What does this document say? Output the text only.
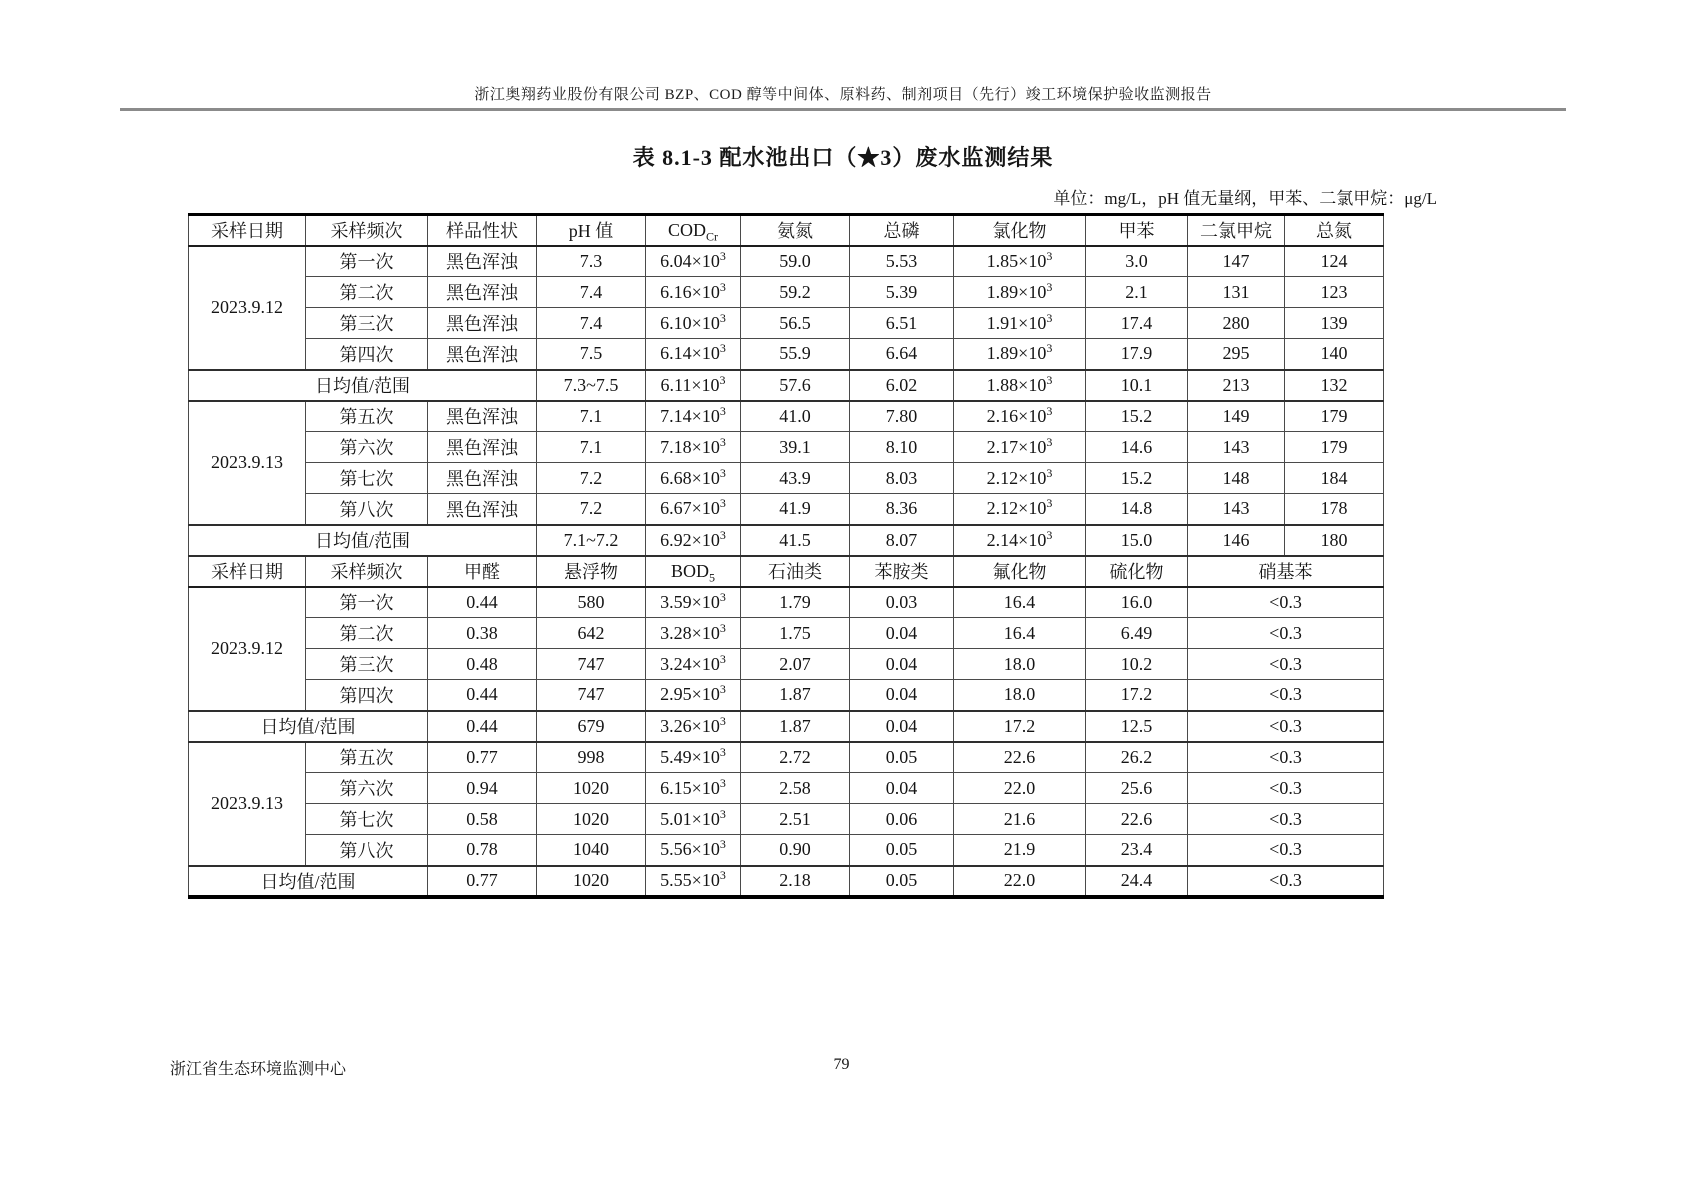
浙江奥翔药业股份有限公司 BZP、COD 醇等中间体、原料药、制剂项目（先行）竣工环境保护验收监测报告
表 8.1-3 配水池出口（★3）废水监测结果
单位：mg/L，pH 值无量纲，甲苯、二氯甲烷：μg/L
采样日期	采样频次	样品性状	pH 值	$COD_{Cr}$	氨氮	总磷	氯化物	甲苯	二氯甲烷	总氮
2023.9.12	第一次	黑色浑浊	7.3	$6.04\times 10^3$	59.0	5.53	$1.85\times 10^3$	3.0	147	124
	第二次	黑色浑浊	7.4	$6.16\times 10^3$	59.2	5.39	$1.89\times 10^3$	2.1	131	123
	第三次	黑色浑浊	7.4	$6.10\times 10^3$	56.5	6.51	$1.91\times 10^3$	17.4	280	139
	第四次	黑色浑浊	7.5	$6.14\times 10^3$	55.9	6.64	$1.89\times 10^3$	17.9	295	140
日均值/范围			7.3~7.5	$6.11\times 10^3$	57.6	6.02	$1.88\times 10^3$	10.1	213	132
2023.9.13	第五次	黑色浑浊	7.1	$7.14\times 10^3$	41.0	7.80	$2.16\times 10^3$	15.2	149	179
	第六次	黑色浑浊	7.1	$7.18\times 10^3$	39.1	8.10	$2.17\times 10^3$	14.6	143	179
	第七次	黑色浑浊	7.2	$6.68\times 10^3$	43.9	8.03	$2.12\times 10^3$	15.2	148	184
	第八次	黑色浑浊	7.2	$6.67\times 10^3$	41.9	8.36	$2.12\times 10^3$	14.8	143	178
日均值/范围			7.1~7.2	$6.92\times 10^3$	41.5	8.07	$2.14\times 10^3$	15.0	146	180
采样日期	采样频次	甲醛	悬浮物	$BOD_5$	石油类	苯胺类	氟化物	硫化物	硝基苯	
2023.9.12	第一次	0.44	580	$3.59\times 10^3$	1.79	0.03	16.4	16.0	<0.3	
	第二次	0.38	642	$3.28\times 10^3$	1.75	0.04	16.4	6.49	<0.3	
	第三次	0.48	747	$3.24\times 10^3$	2.07	0.04	18.0	10.2	<0.3	
	第四次	0.44	747	$2.95\times 10^3$	1.87	0.04	18.0	17.2	<0.3	
日均值/范围		0.44	679	$3.26\times 10^3$	1.87	0.04	17.2	12.5	<0.3	
2023.9.13	第五次	0.77	998	$5.49\times 10^3$	2.72	0.05	22.6	26.2	<0.3	
	第六次	0.94	1020	$6.15\times 10^3$	2.58	0.04	22.0	25.6	<0.3	
	第七次	0.58	1020	$5.01\times 10^3$	2.51	0.06	21.6	22.6	<0.3	
	第八次	0.78	1040	$5.56\times 10^3$	0.90	0.05	21.9	23.4	<0.3	
日均值/范围		0.77	1020	$5.55\times 10^3$	2.18	0.05	22.0	24.4	<0.3	
浙江省生态环境监测中心	79
